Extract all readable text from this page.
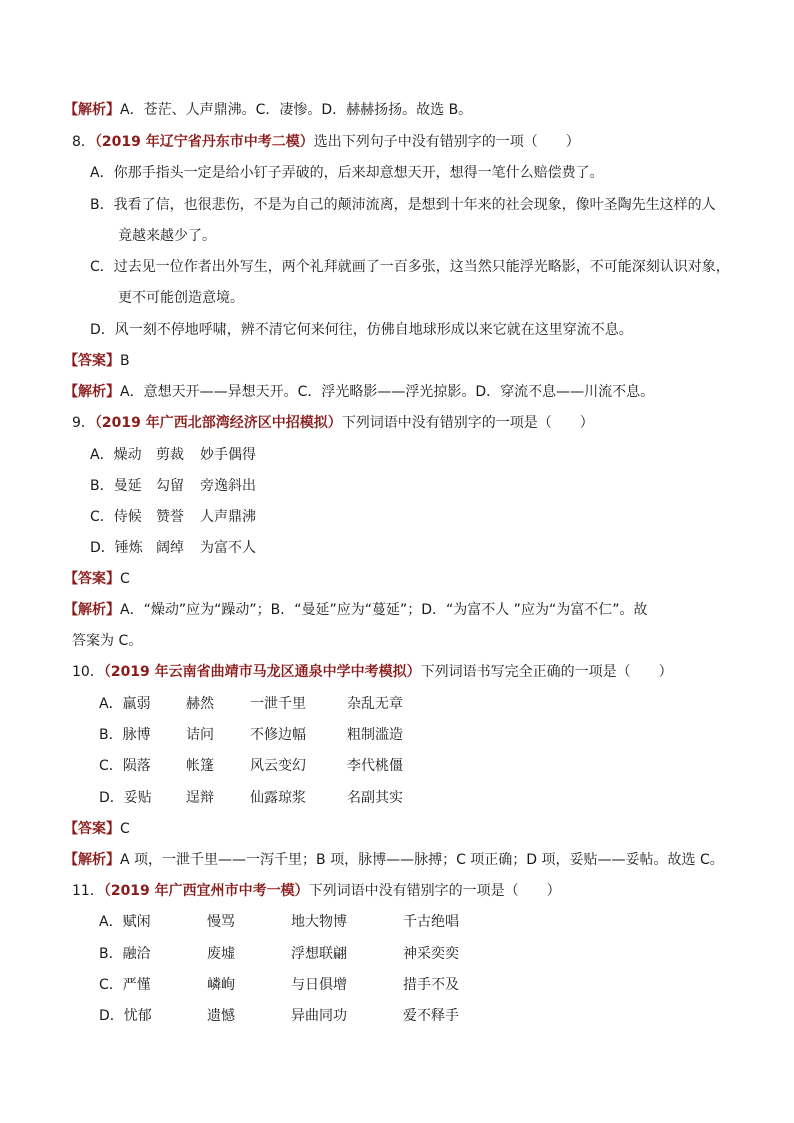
【解析】A．苍茫、人声鼎沸。C．凄惨。D．赫赫扬扬。故选 B。
8．（2019 年辽宁省丹东市中考二模）选出下列句子中没有错别字的一项（　　）
A．你那手指头一定是给小钉子弄破的，后来却意想天开，想得一笔什么赔偿费了。
B．我看了信，也很悲伤，不是为自己的颠沛流离，是想到十年来的社会现象，像叶圣陶先生这样的人
竟越来越少了。
C．过去见一位作者出外写生，两个礼拜就画了一百多张，这当然只能浮光略影，不可能深刻认识对象，
更不可能创造意境。
D．风一刻不停地呼啸，辨不清它何来何往，仿佛自地球形成以来它就在这里穿流不息。
【答案】B
【解析】A．意想天开——异想天开。C．浮光略影——浮光掠影。D．穿流不息——川流不息。
9．（2019 年广西北部湾经济区中招模拟）下列词语中没有错别字的一项是（　　）
A．燥动 剪裁 妙手偶得
B．曼延 勾留 旁逸斜出
C．侍候 赞誉 人声鼎沸
D．锤炼 阔绰 为富不人
【答案】C
【解析】A．“燥动”应为“躁动”；B．“曼延”应为“蔓延”；D．“为富不人 ”应为“为富不仁”。故
答案为 C。
10．（2019 年云南省曲靖市马龙区通泉中学中考模拟）下列词语书写完全正确的一项是（　　）
A．羸弱	赫然	一泄千里	杂乱无章
B．脉博	诘问	不修边幅	粗制滥造
C．陨落	帐篷	风云变幻	李代桃僵
D．妥贴 逞辩	仙露琼浆	名副其实
【答案】C
【解析】A 项，一泄千里——一泻千里；B 项，脉博——脉搏；C 项正确；D 项，妥贴——妥帖。故选 C。
11．（2019 年广西宜州市中考一模）下列词语中没有错别字的一项是（　　）
A．赋闲	慢骂	地大物博	千古绝唱
B．融洽	废墟	浮想联翩	神采奕奕
C．严慬	嶙峋	与日俱增	措手不及
D．忧郁	遗憾	异曲同功	爱不释手
